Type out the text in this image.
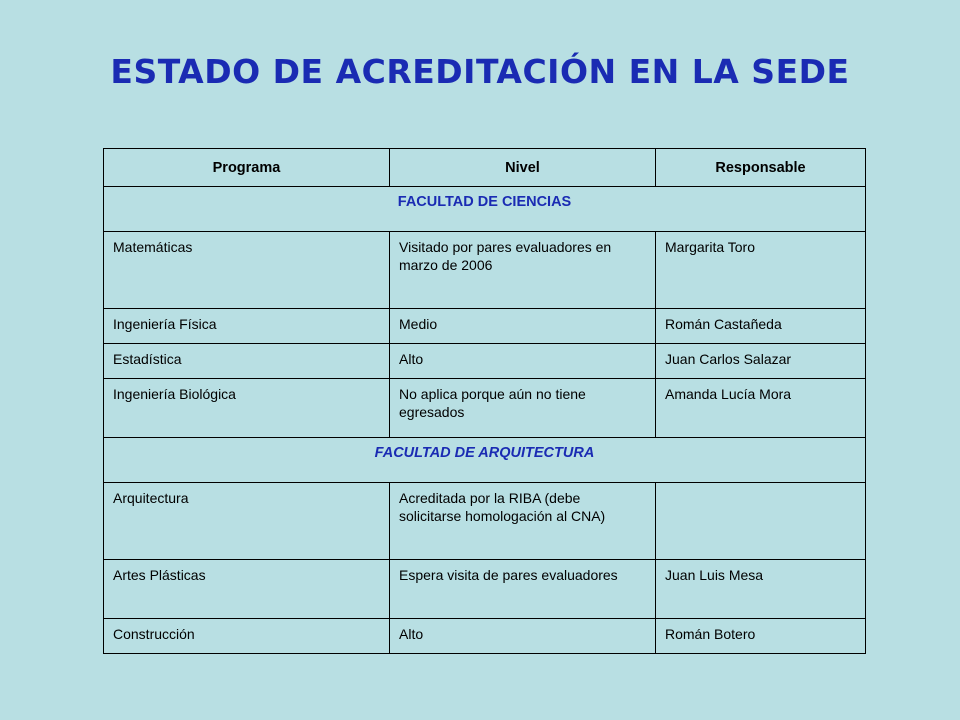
ESTADO DE ACREDITACIÓN EN LA SEDE
Programa	Nivel	Responsable
FACULTAD DE CIENCIAS		
Matemáticas	Visitado por pares evaluadores en marzo de 2006	Margarita Toro
Ingeniería Física	Medio	Román Castañeda
Estadística	Alto	Juan Carlos Salazar
Ingeniería Biológica	No aplica porque aún no tiene egresados	Amanda Lucía Mora
FACULTAD DE ARQUITECTURA		
Arquitectura	Acreditada por la RIBA (debe solicitarse homologación al CNA)	
Artes Plásticas	Espera visita de pares evaluadores	Juan Luis Mesa
Construcción	Alto	Román Botero
